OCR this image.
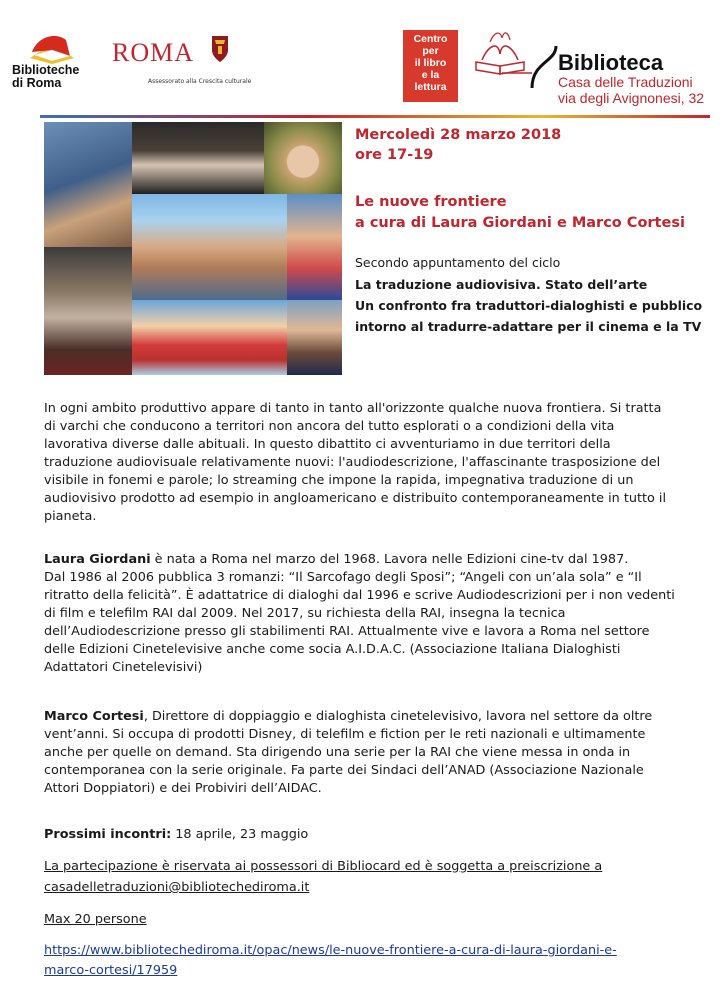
Biblioteche
di Roma
ROMA
Assessorato alla Crescita culturale
Centro
per
il libro
e la
lettura
Biblioteca
Casa delle Traduzioni
via degli Avignonesi, 32
Mercoledì 28 marzo 2018
ore 17-19
Le nuove frontiere
a cura di Laura Giordani e Marco Cortesi
Secondo appuntamento del ciclo
La traduzione audiovisiva. Stato dell’arte
Un confronto fra traduttori-dialoghisti e pubblico
intorno al tradurre-adattare per il cinema e la TV
In ogni ambito produttivo appare di tanto in tanto all'orizzonte qualche nuova frontiera. Si tratta
di varchi che conducono a territori non ancora del tutto esplorati o a condizioni della vita
lavorativa diverse dalle abituali. In questo dibattito ci avventuriamo in due territori della
traduzione audiovisuale relativamente nuovi: l'audiodescrizione, l'affascinante trasposizione del
visibile in fonemi e parole; lo streaming che impone la rapida, impegnativa traduzione di un
audiovisivo prodotto ad esempio in angloamericano e distribuito contemporaneamente in tutto il
pianeta.
Laura Giordani è nata a Roma nel marzo del 1968. Lavora nelle Edizioni cine-tv dal 1987.
Dal 1986 al 2006 pubblica 3 romanzi: “Il Sarcofago degli Sposi”; “Angeli con un’ala sola” e “Il
ritratto della felicità”. È adattatrice di dialoghi dal 1996 e scrive Audiodescrizioni per i non vedenti
di film e telefilm RAI dal 2009. Nel 2017, su richiesta della RAI, insegna la tecnica
dell’Audiodescrizione presso gli stabilimenti RAI. Attualmente vive e lavora a Roma nel settore
delle Edizioni Cinetelevisive anche come socia A.I.D.A.C. (Associazione Italiana Dialoghisti
Adattatori Cinetelevisivi)
Marco Cortesi, Direttore di doppiaggio e dialoghista cinetelevisivo, lavora nel settore da oltre
vent’anni. Si occupa di prodotti Disney, di telefilm e fiction per le reti nazionali e ultimamente
anche per quelle on demand. Sta dirigendo una serie per la RAI che viene messa in onda in
contemporanea con la serie originale. Fa parte dei Sindaci dell’ANAD (Associazione Nazionale
Attori Doppiatori) e dei Probiviri dell’AIDAC.
Prossimi incontri: 18 aprile, 23 maggio
La partecipazione è riservata ai possessori di Bibliocard ed è soggetta a preiscrizione a
casadelletraduzioni@bibliotechediroma.it
Max 20 persone
https://www.bibliotechediroma.it/opac/news/le-nuove-frontiere-a-cura-di-laura-giordani-e-
marco-cortesi/17959
